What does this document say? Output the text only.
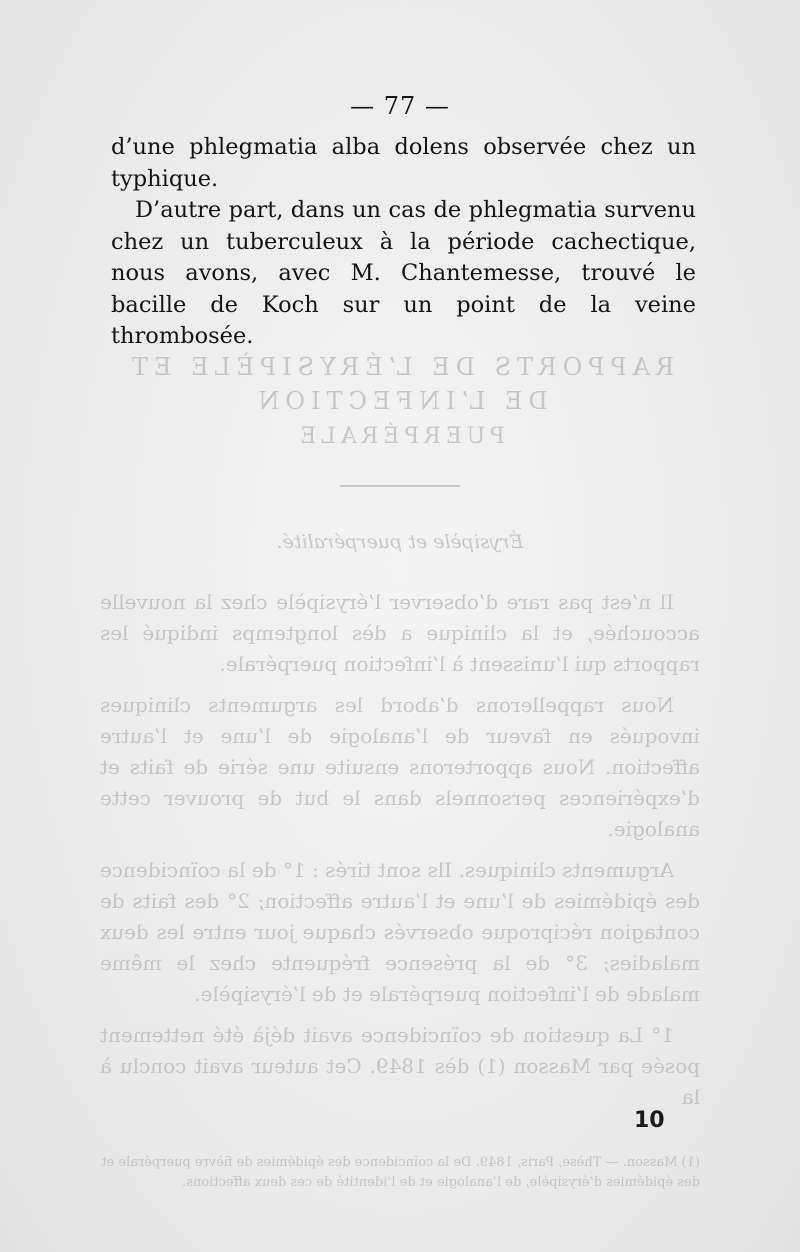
RAPPORTS DE L’ÉRYSIPÈLE ET DE L’INFECTION
PUERPÉRALE
Érysipèle et puerpéralité.

Il n’est pas rare d’observer l’érysipèle chez la nouvelle accouchée, et la clinique a dès longtemps indiqué les rapports qui l’unissent à l’infection puerpérale.

Nous rappellerons d’abord les arguments cliniques invoqués en faveur de l’analogie de l’une et l’autre affection. Nous apporterons ensuite une série de faits et d’expériences personnels dans le but de prouver cette analogie.

Arguments cliniques. Ils sont tirés : 1° de la coïncidence des épidémies de l’une et l’autre affection; 2° des faits de contagion réciproque observés chaque jour entre les deux maladies; 3° de la présence fréquente chez le même malade de l’infection puerpérale et de l’érysipèle.

1° La question de coïncidence avait déjà été nettement posée par Masson (1) dès 1849. Cet auteur avait conclu à la

(1) Masson. — Thèse, Paris, 1849. De la coïncidence des épidémies de fièvre puerpérale et des épidémies d’érysipèle, de l’analogie et de l’identité de ces deux affections.
— 77 —

d’une phlegmatia alba dolens observée chez un typhique.

D’autre part, dans un cas de phlegmatia survenu chez un tuberculeux à la période cachectique, nous avons, avec M. Chantemesse, trouvé le bacille de Koch sur un point de la veine thrombosée.

10
